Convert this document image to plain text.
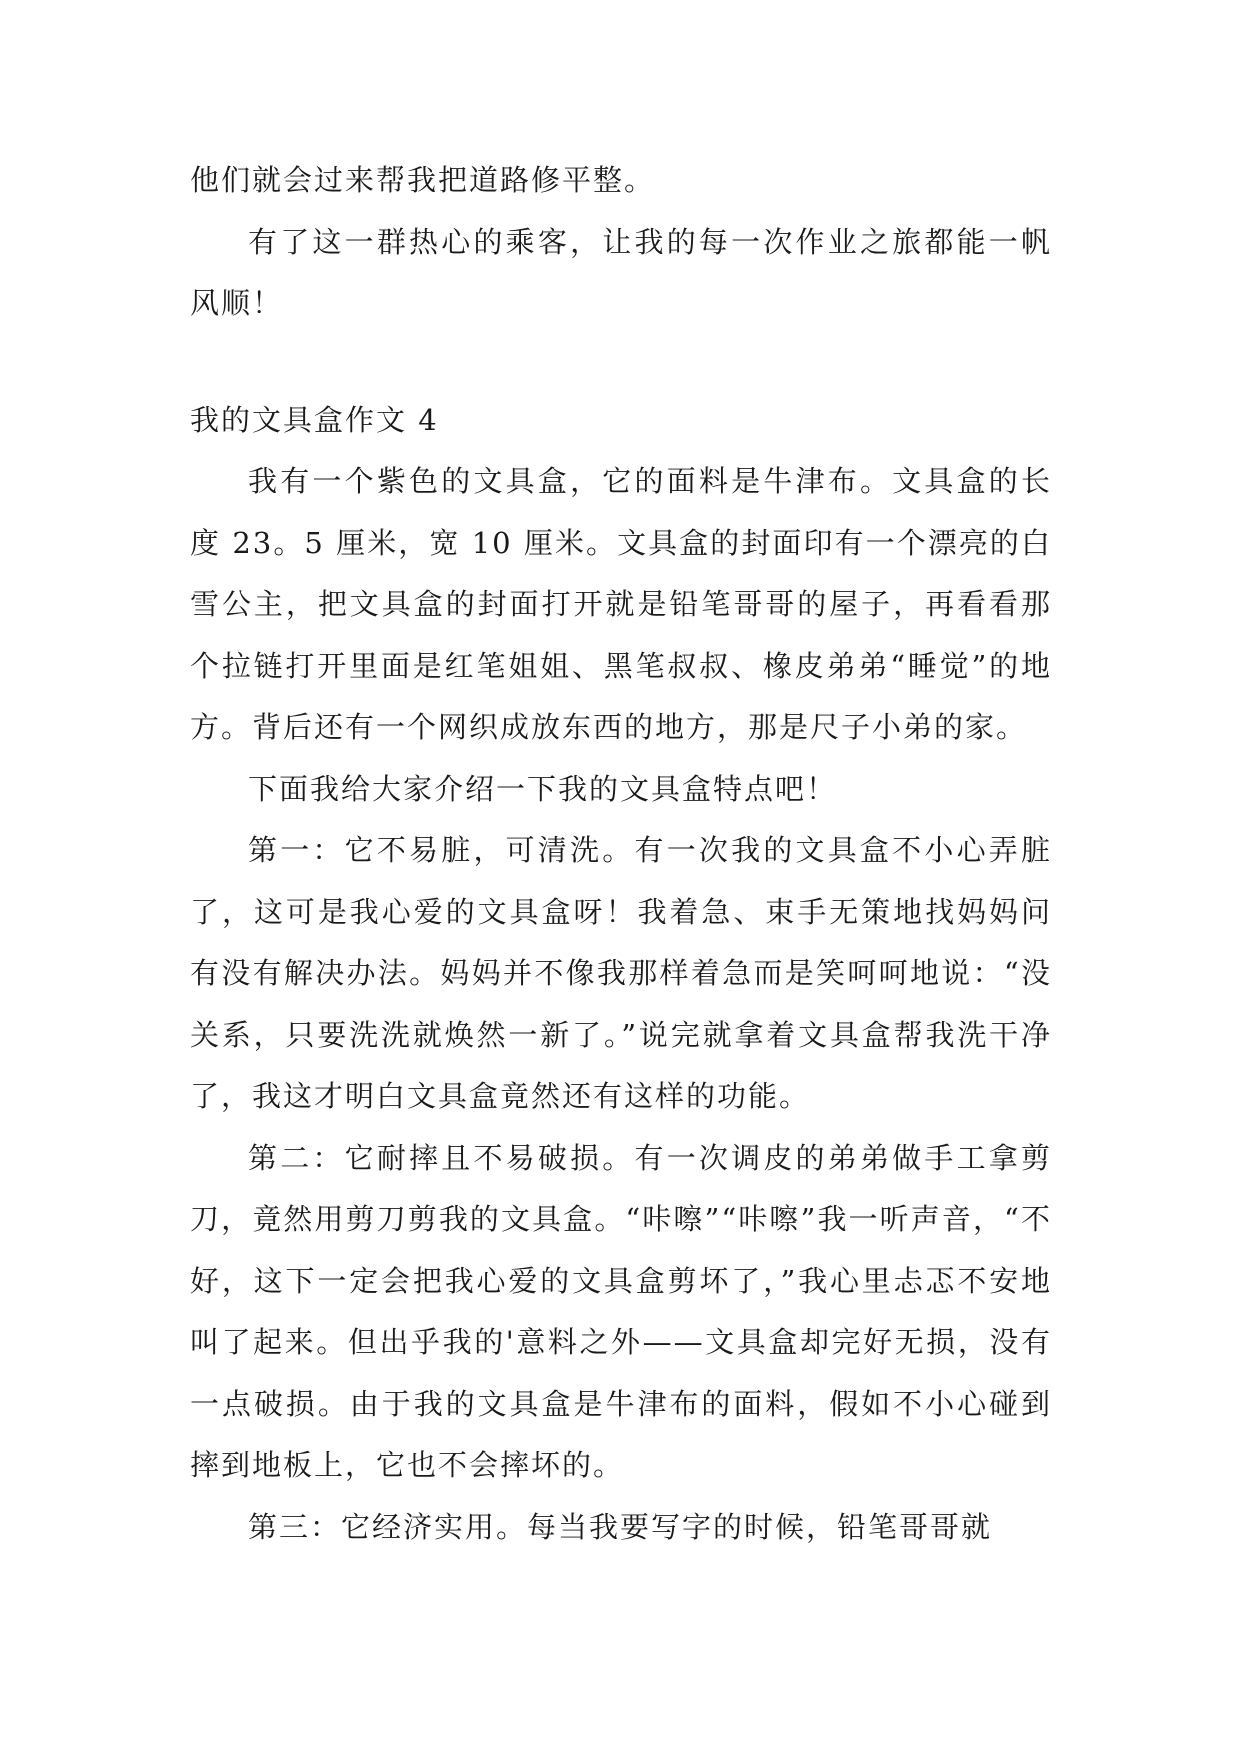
他们就会过来帮我把道路修平整。

有了这一群热心的乘客，让我的每一次作业之旅都能一帆风顺！

我的文具盒作文 4

我有一个紫色的文具盒，它的面料是牛津布。文具盒的长度 23。5 厘米，宽 10 厘米。文具盒的封面印有一个漂亮的白雪公主，把文具盒的封面打开就是铅笔哥哥的屋子，再看看那个拉链打开里面是红笔姐姐、黑笔叔叔、橡皮弟弟“睡觉”的地方。背后还有一个网织成放东西的地方，那是尺子小弟的家。

下面我给大家介绍一下我的文具盒特点吧！

第一：它不易脏，可清洗。有一次我的文具盒不小心弄脏了，这可是我心爱的文具盒呀！我着急、束手无策地找妈妈问有没有解决办法。妈妈并不像我那样着急而是笑呵呵地说：“没关系，只要洗洗就焕然一新了。”说完就拿着文具盒帮我洗干净了，我这才明白文具盒竟然还有这样的功能。

第二：它耐摔且不易破损。有一次调皮的弟弟做手工拿剪刀，竟然用剪刀剪我的文具盒。“咔嚓”“咔嚓”我一听声音，“不好，这下一定会把我心爱的文具盒剪坏了，”我心里忐忑不安地叫了起来。但出乎我的'意料之外——文具盒却完好无损，没有一点破损。由于我的文具盒是牛津布的面料，假如不小心碰到摔到地板上，它也不会摔坏的。

第三：它经济实用。每当我要写字的时候，铅笔哥哥就
